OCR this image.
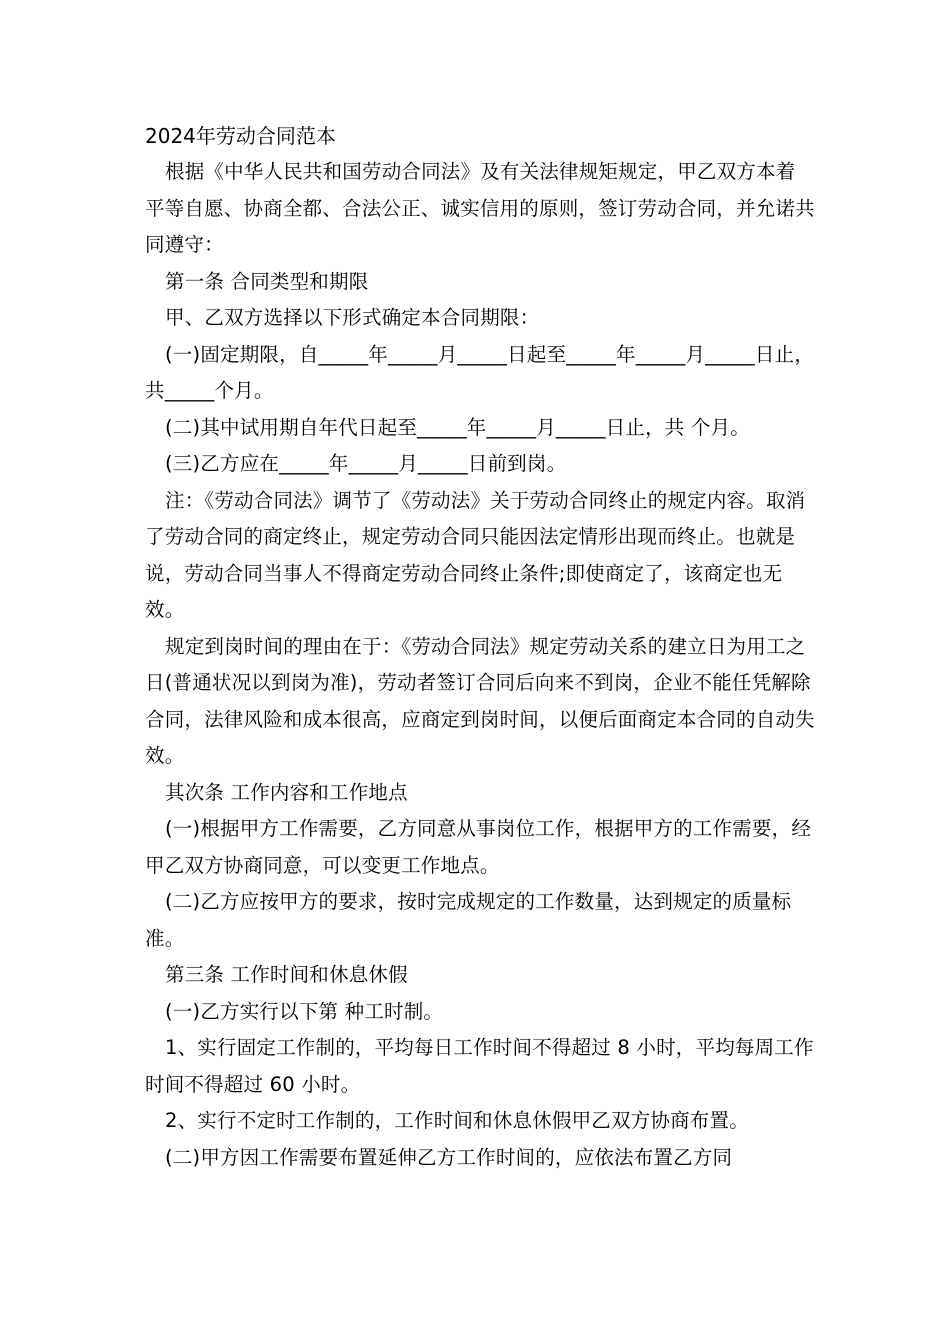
2024年劳动合同范本

根据《中华人民共和国劳动合同法》及有关法律规矩规定，甲乙双方本着平等自愿、协商全都、合法公正、诚实信用的原则，签订劳动合同，并允诺共同遵守：

第一条 合同类型和期限

甲、乙双方选择以下形式确定本合同期限：

(一)固定期限，自_____年_____月_____日起至_____年_____月_____日止，共_____个月。

(二)其中试用期自年代日起至_____年_____月_____日止，共 个月。

(三)乙方应在_____年_____月_____日前到岗。

注：《劳动合同法》调节了《劳动法》关于劳动合同终止的规定内容。取消了劳动合同的商定终止，规定劳动合同只能因法定情形出现而终止。也就是说，劳动合同当事人不得商定劳动合同终止条件;即使商定了，该商定也无效。

规定到岗时间的理由在于：《劳动合同法》规定劳动关系的建立日为用工之日(普通状况以到岗为准)，劳动者签订合同后向来不到岗，企业不能任凭解除合同，法律风险和成本很高，应商定到岗时间，以便后面商定本合同的自动失效。

其次条 工作内容和工作地点

(一)根据甲方工作需要，乙方同意从事岗位工作，根据甲方的工作需要，经甲乙双方协商同意，可以变更工作地点。

(二)乙方应按甲方的要求，按时完成规定的工作数量，达到规定的质量标准。

第三条 工作时间和休息休假

(一)乙方实行以下第 种工时制。

1、实行固定工作制的，平均每日工作时间不得超过 8 小时，平均每周工作时间不得超过 60 小时。

2、实行不定时工作制的，工作时间和休息休假甲乙双方协商布置。

(二)甲方因工作需要布置延伸乙方工作时间的，应依法布置乙方同
